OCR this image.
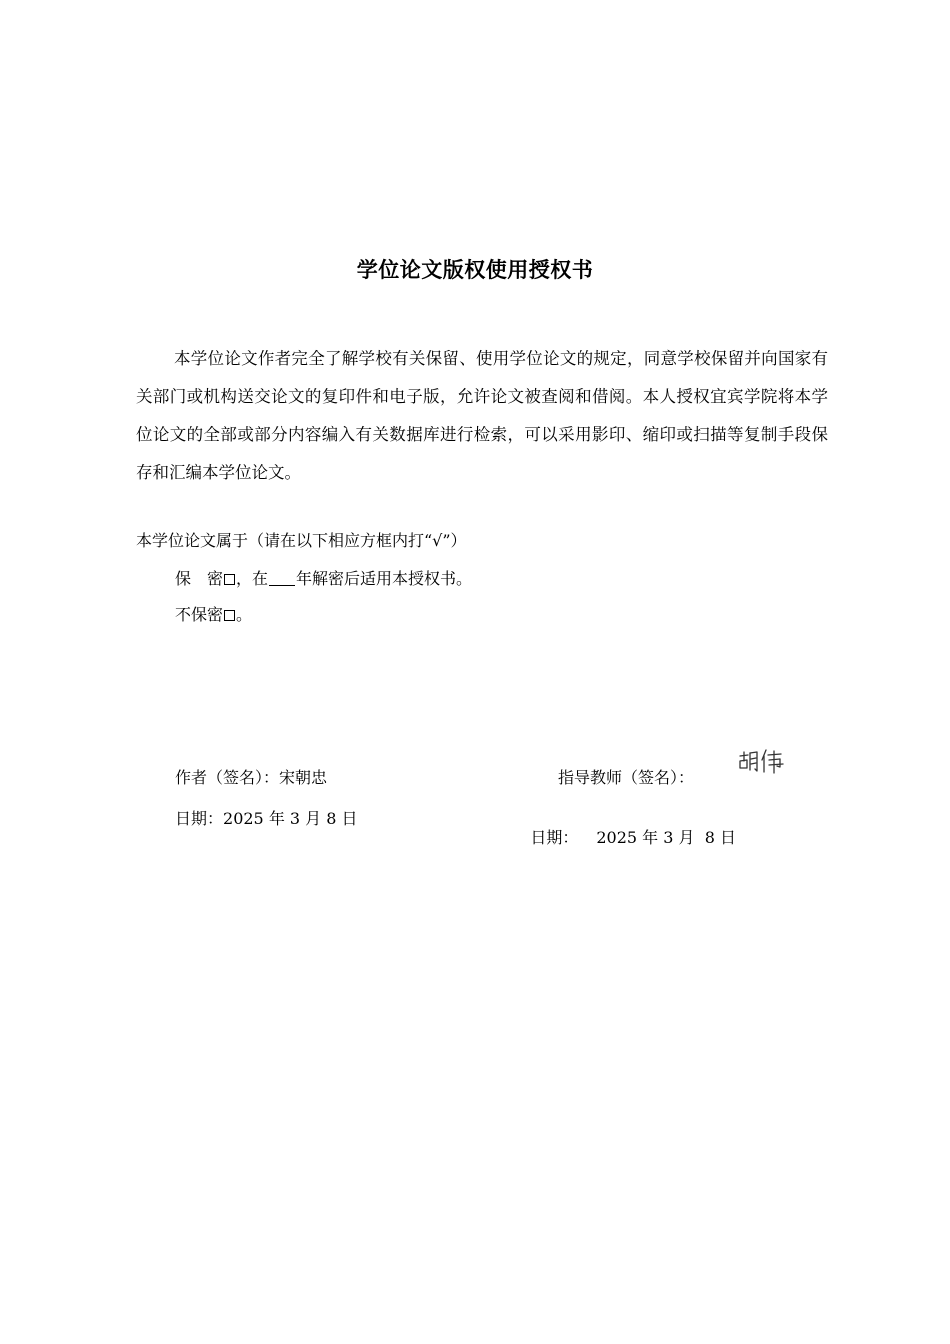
学位论文版权使用授权书
本学位论文作者完全了解学校有关保留、使用学位论文的规定，同意学校保留并向国家有关部门或机构送交论文的复印件和电子版，允许论文被查阅和借阅。本人授权宜宾学院将本学位论文的全部或部分内容编入有关数据库进行检索，可以采用影印、缩印或扫描等复制手段保存和汇编本学位论文。
本学位论文属于（请在以下相应方框内打“√”）
保　密 ，在 年解密后适用本授权书。
不保密 。
作者（签名）：宋朝忠	指导教师（签名）：
日期：2025 年 3 月 8 日

日期： 2025 年 3 月  8 日
